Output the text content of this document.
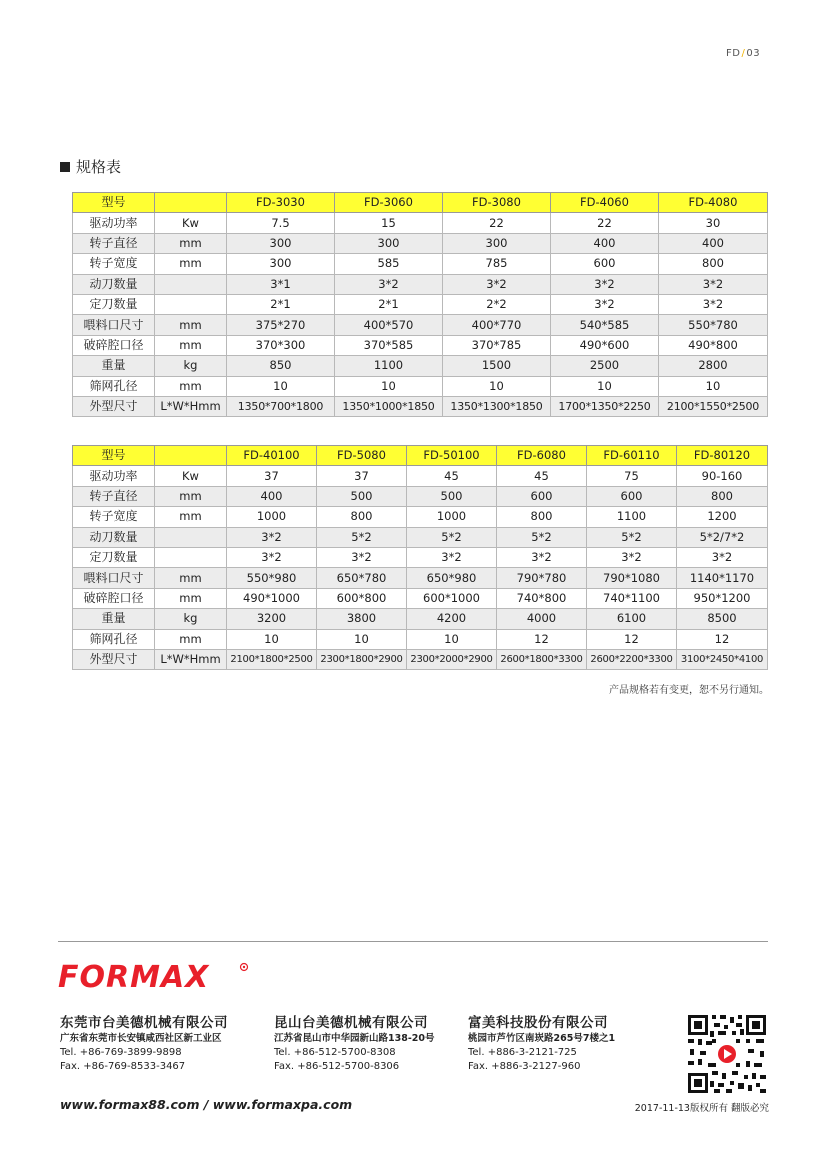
FD/03
规格表
型号		FD-3030	FD-3060	FD-3080	FD-4060	FD-4080
驱动功率	Kw	7.5	15	22	22	30
转子直径	mm	300	300	300	400	400
转子宽度	mm	300	585	785	600	800
动刀数量		3*1	3*2	3*2	3*2	3*2
定刀数量		2*1	2*1	2*2	3*2	3*2
喂料口尺寸	mm	375*270	400*570	400*770	540*585	550*780
破碎腔口径	mm	370*300	370*585	370*785	490*600	490*800
重量	kg	850	1100	1500	2500	2800
筛网孔径	mm	10	10	10	10	10
外型尺寸	L*W*Hmm	1350*700*1800	1350*1000*1850	1350*1300*1850	1700*1350*2250	2100*1550*2500
型号		FD-40100	FD-5080	FD-50100	FD-6080	FD-60110	FD-80120
驱动功率	Kw	37	37	45	45	75	90-160
转子直径	mm	400	500	500	600	600	800
转子宽度	mm	1000	800	1000	800	1100	1200
动刀数量		3*2	5*2	5*2	5*2	5*2	5*2/7*2
定刀数量		3*2	3*2	3*2	3*2	3*2	3*2
喂料口尺寸	mm	550*980	650*780	650*980	790*780	790*1080	1140*1170
破碎腔口径	mm	490*1000	600*800	600*1000	740*800	740*1100	950*1200
重量	kg	3200	3800	4200	4000	6100	8500
筛网孔径	mm	10	10	10	12	12	12
外型尺寸	L*W*Hmm	2100*1800*2500	2300*1800*2900	2300*2000*2900	2600*1800*3300	2600*2200*3300	3100*2450*4100
产品规格若有变更，恕不另行通知。
FORMAX
东莞市台美德机械有限公司
广东省东莞市长安镇咸西社区新工业区
Tel. +86-769-3899-9898
Fax. +86-769-8533-3467
昆山台美德机械有限公司
江苏省昆山市中华园新山路138-20号
Tel. +86-512-5700-8308
Fax. +86-512-5700-8306
富美科技股份有限公司
桃园市芦竹区南崁路265号7楼之1
Tel. +886-3-2121-725
Fax. +886-3-2127-960
www.formax88.com / www.formaxpa.com	2017-11-13版权所有 翻版必究
